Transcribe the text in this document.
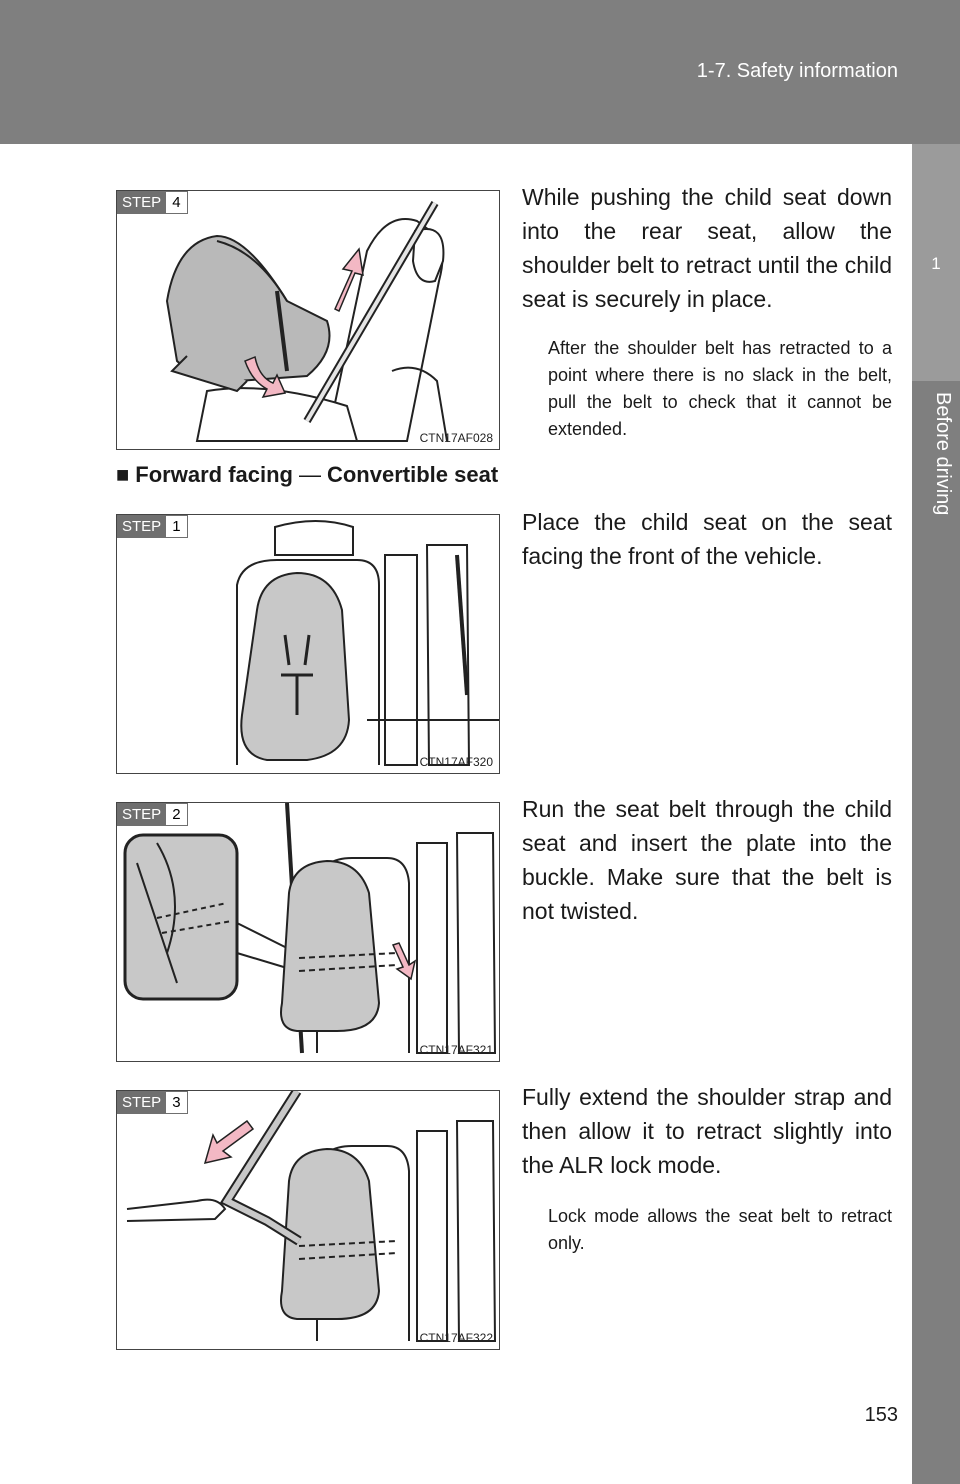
1-7. Safety information
1
Before driving
STEP 4
CTN17AF028

While pushing the child seat down into the rear seat, allow the shoulder belt to retract until the child seat is securely in place.

After the shoulder belt has retracted to a point where there is no slack in the belt, pull the belt to check that it cannot be extended.

■ Forward facing — Convertible seat
STEP 1
CTN17AF320

Place the child seat on the seat facing the front of the vehicle.

STEP 2
CTN17AF321

Run the seat belt through the child seat and insert the plate into the buckle. Make sure that the belt is not twisted.

STEP 3
CTN17AF322

Fully extend the shoulder strap and then allow it to retract slightly into the ALR lock mode.

Lock mode allows the seat belt to retract only.

153
